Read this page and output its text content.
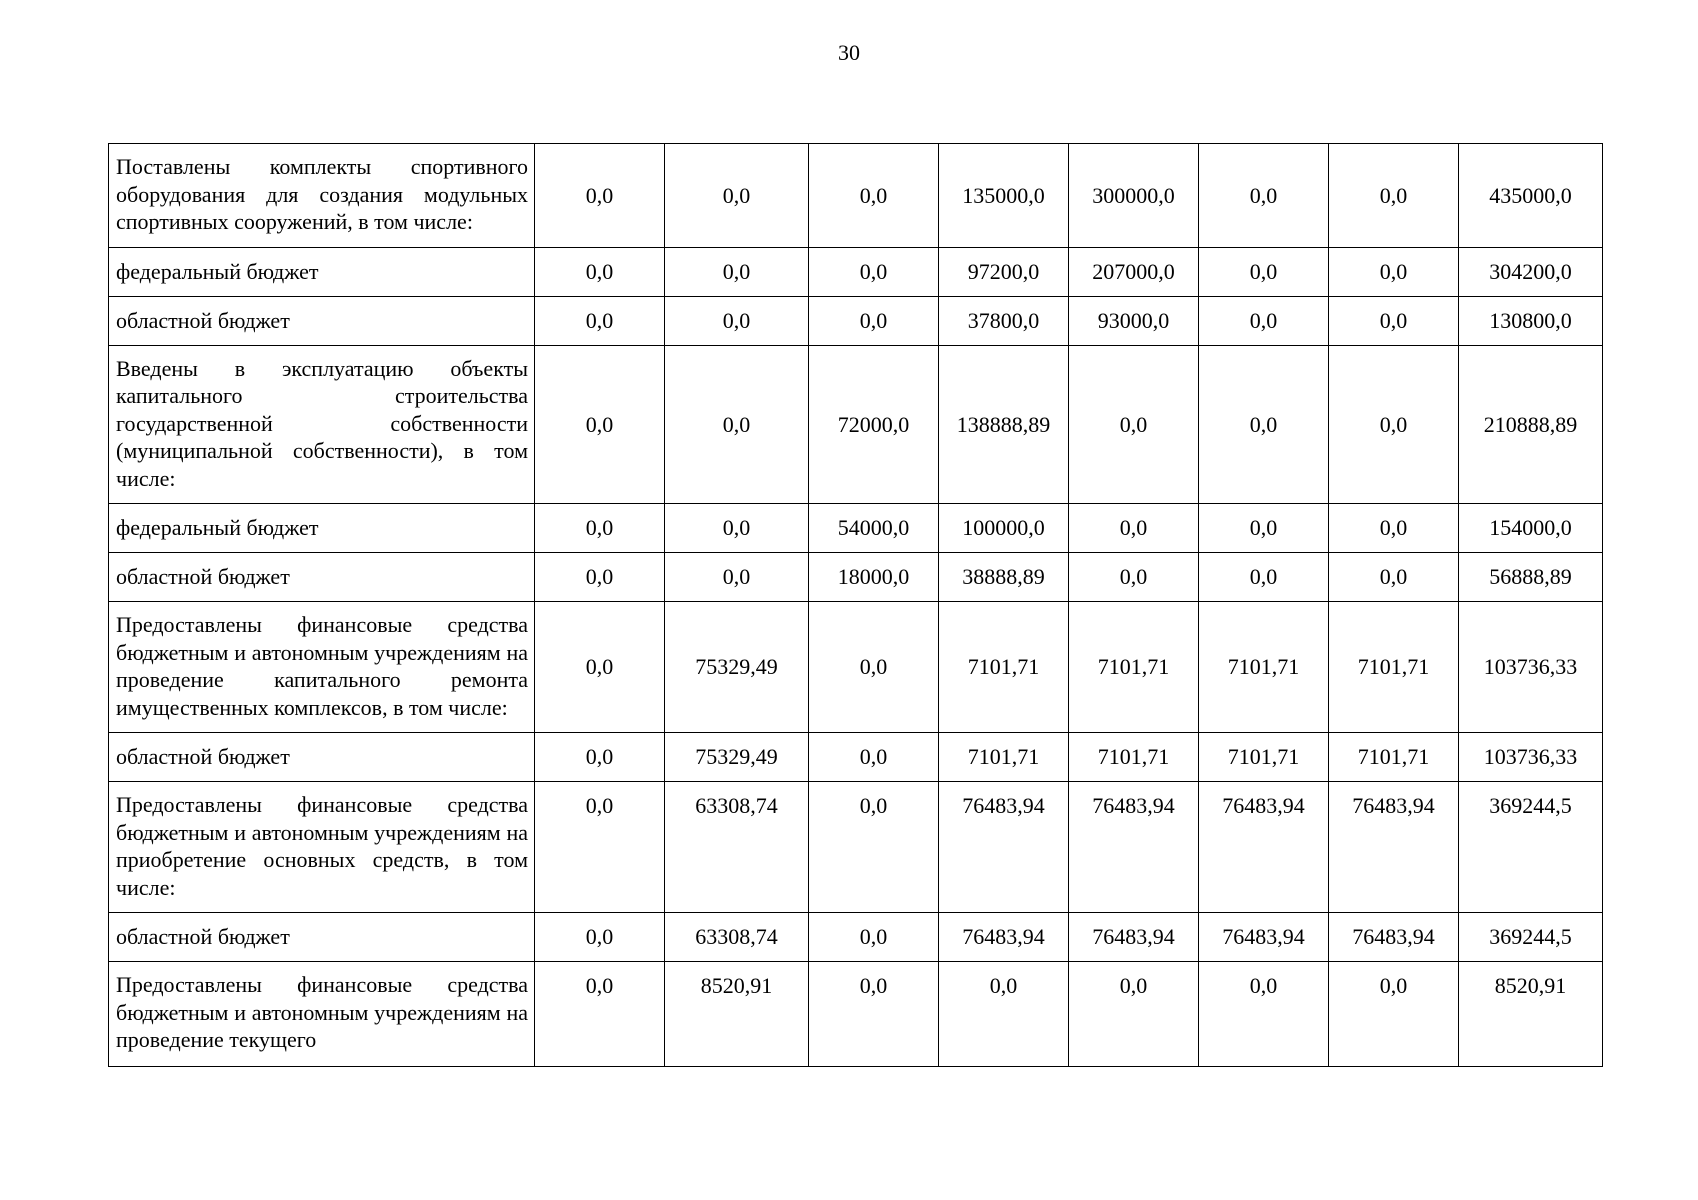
30
Поставлены комплекты спортивного оборудования для создания модульных спортивных сооружений, в том числе:	0,0	0,0	0,0	135000,0	300000,0	0,0	0,0	435000,0
федеральный бюджет	0,0	0,0	0,0	97200,0	207000,0	0,0	0,0	304200,0
областной бюджет	0,0	0,0	0,0	37800,0	93000,0	0,0	0,0	130800,0
Введены в эксплуатацию объекты капитального строительства государственной собственности (муниципальной собственности), в том числе:	0,0	0,0	72000,0	138888,89	0,0	0,0	0,0	210888,89
федеральный бюджет	0,0	0,0	54000,0	100000,0	0,0	0,0	0,0	154000,0
областной бюджет	0,0	0,0	18000,0	38888,89	0,0	0,0	0,0	56888,89
Предоставлены финансовые средства бюджетным и автономным учреждениям на проведение капитального ремонта имущественных комплексов, в том числе:	0,0	75329,49	0,0	7101,71	7101,71	7101,71	7101,71	103736,33
областной бюджет	0,0	75329,49	0,0	7101,71	7101,71	7101,71	7101,71	103736,33
Предоставлены финансовые средства бюджетным и автономным учреждениям на приобретение основных средств, в том числе:	0,0	63308,74	0,0	76483,94	76483,94	76483,94	76483,94	369244,5
областной бюджет	0,0	63308,74	0,0	76483,94	76483,94	76483,94	76483,94	369244,5
Предоставлены финансовые средства бюджетным и автономным учреждениям на проведение текущего	0,0	8520,91	0,0	0,0	0,0	0,0	0,0	8520,91
